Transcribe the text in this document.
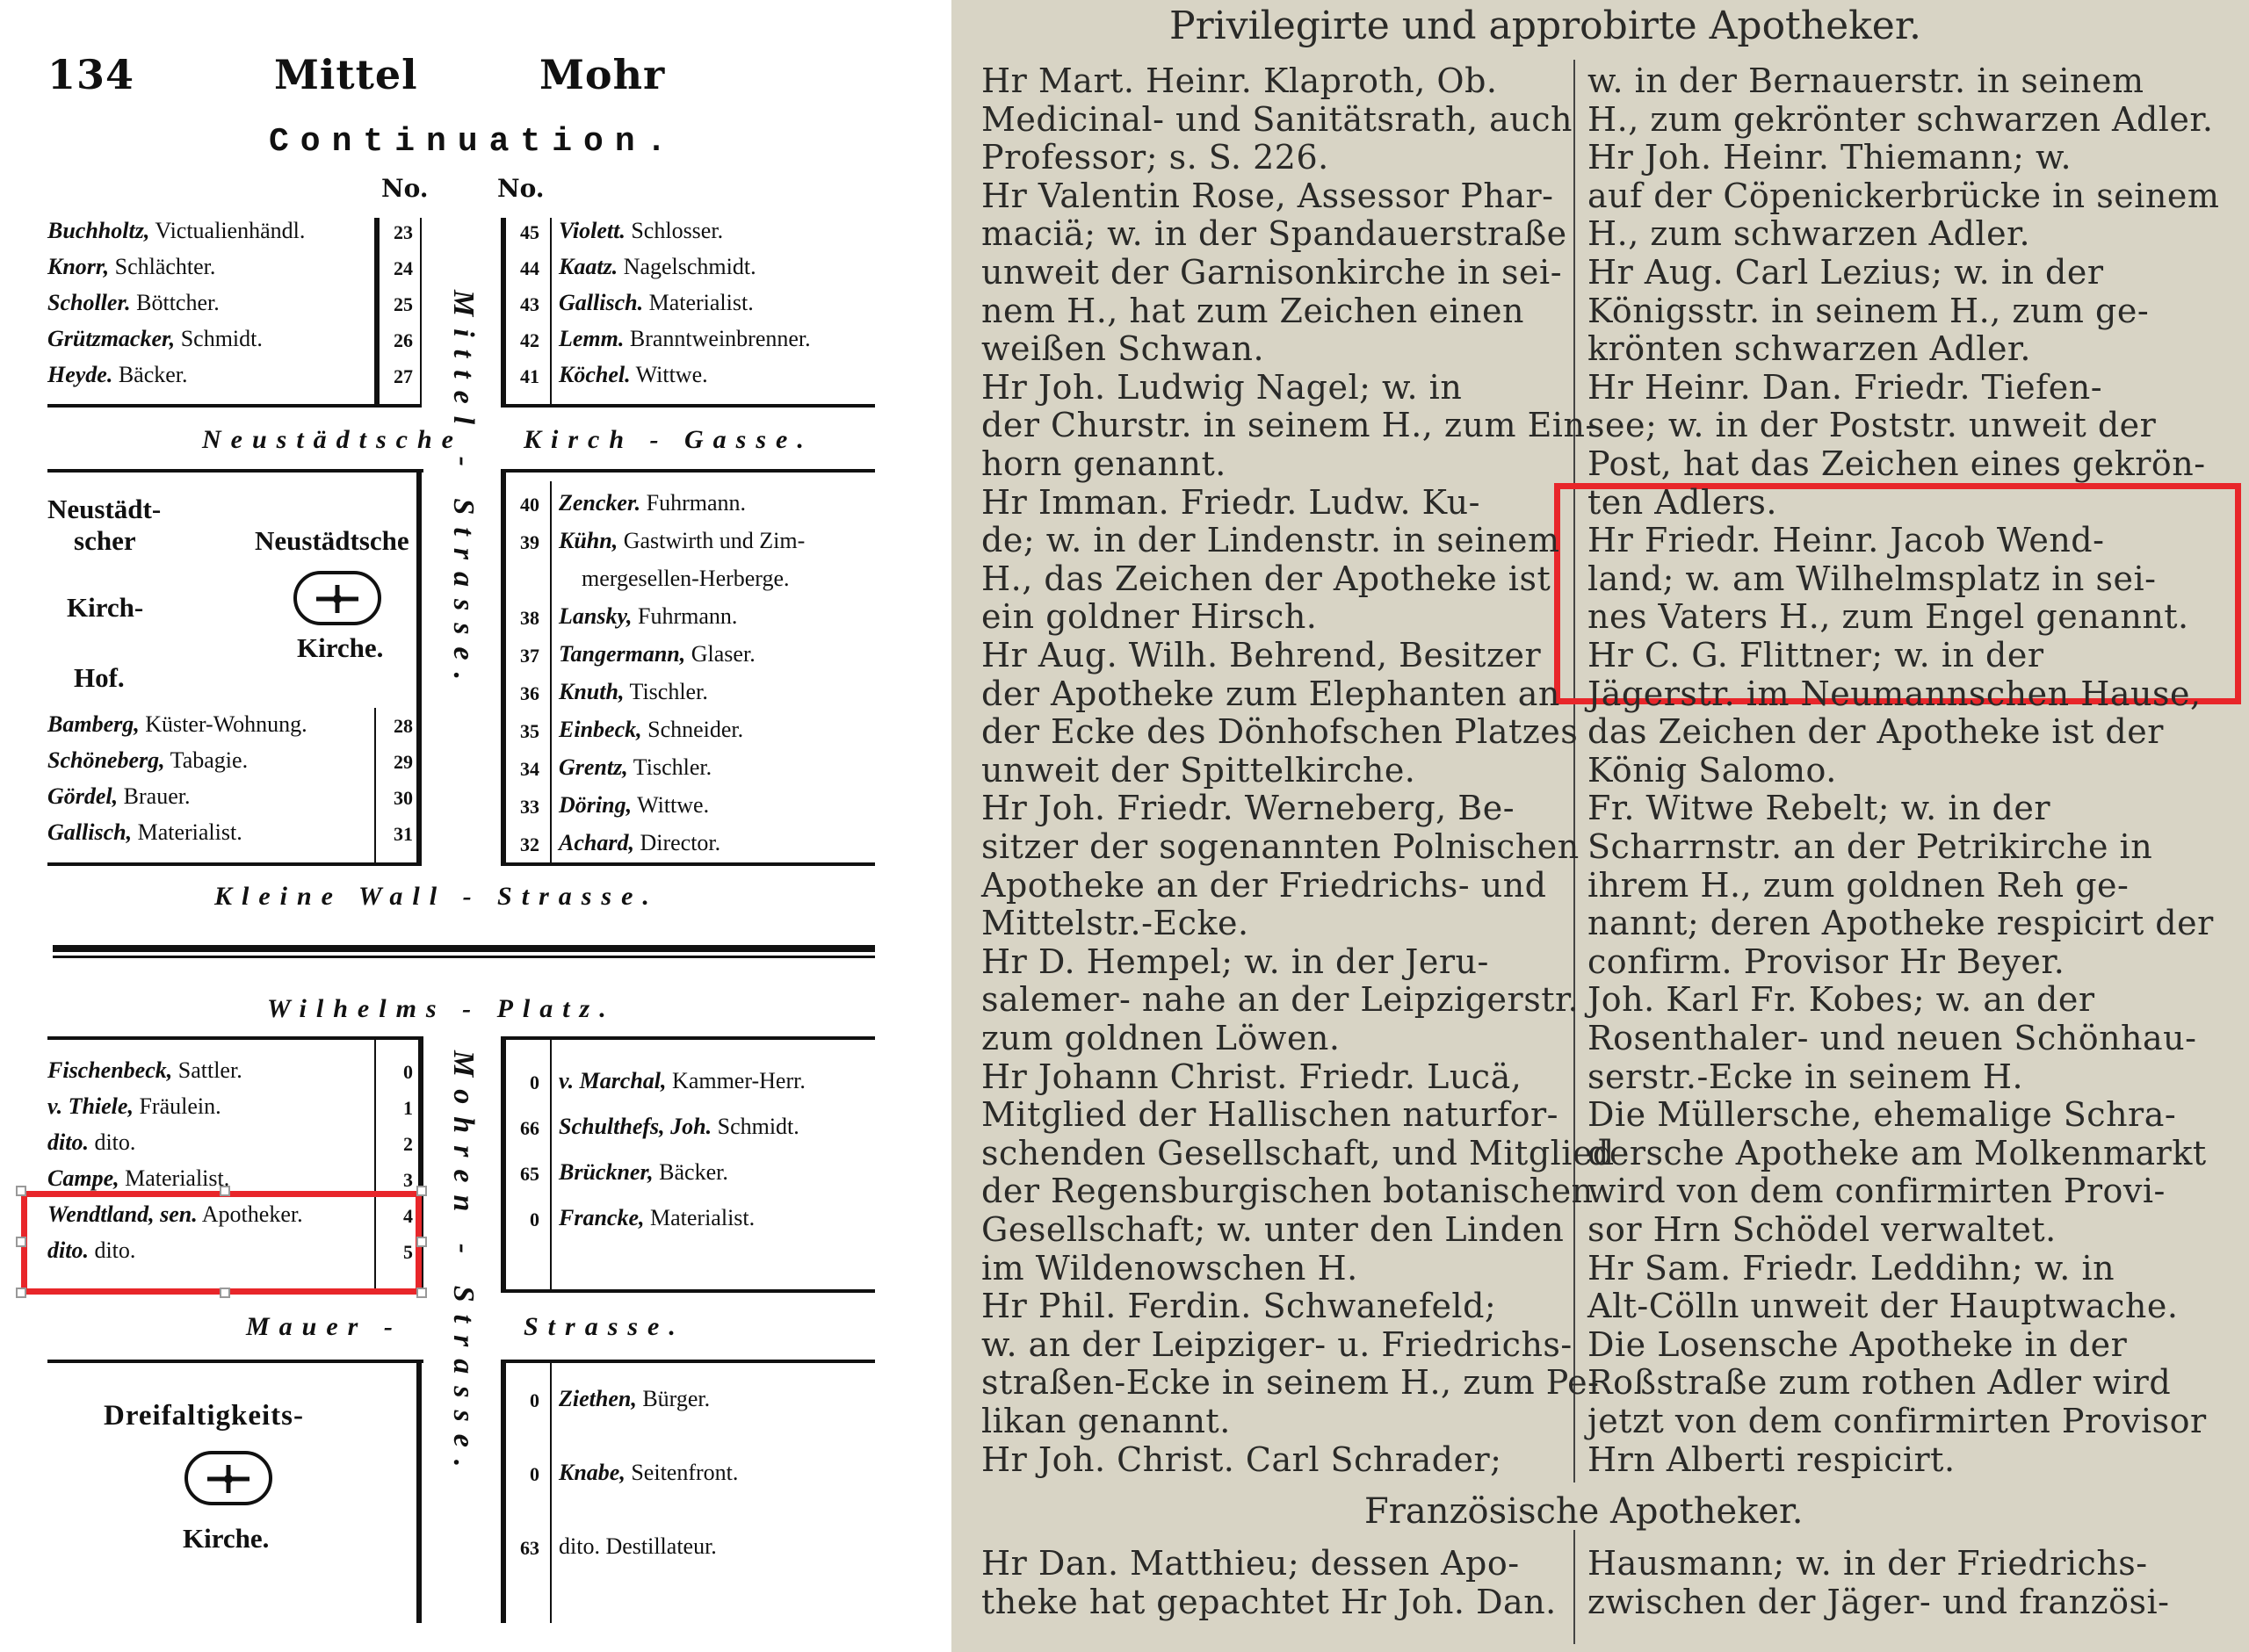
134	Mittel	Mohr
Continuation.
No.	No.
Mittel - Strasse.
Mohren - Strasse.
Neustädtsche Kirch - Gasse.
Neustädt-
scher
Kirch-
Hof.
Neustädtsche
Kirche.
Kleine Wall - Strasse.
Wilhelms - Platz.
Mauer -	Strasse.
Dreifaltigkeits-
Kirche.
Buchholtz, Victualienhändl.	23
Knorr, Schlächter.	24
Scholler. Böttcher.	25
Grützmacker, Schmidt.	26
Heyde. Bäcker.	27
45 Violett. Schlosser.
44 Kaatz. Nagelschmidt.
43 Gallisch. Materialist.
42 Lemm. Branntweinbrenner.
41 Köchel. Wittwe.
Bamberg, Küster-Wohnung.	28
Schöneberg, Tabagie.	29
Gördel, Brauer.	30
Gallisch, Materialist.	31
40 Zencker. Fuhrmann.
39 Kühn, Gastwirth und Zim-
mergesellen-Herberge.
38 Lansky, Fuhrmann.
37 Tangermann, Glaser.
36 Knuth, Tischler.
35 Einbeck, Schneider.
34 Grentz, Tischler.
33 Döring, Wittwe.
32 Achard, Director.
Fischenbeck, Sattler.	0
v. Thiele, Fräulein.	1
dito. dito.	2
Campe, Materialist.	3
Wendtland, sen. Apotheker.	4
dito. dito.	5
0 v. Marchal, Kammer-Herr.
66 Schulthefs, Joh. Schmidt.
65 Brückner, Bäcker.
0 Francke, Materialist.
0 Ziethen, Bürger.
0 Knabe, Seitenfront.
63 dito. Destillateur.
Privilegirte und approbirte Apotheker.
Französische Apotheker.
Hr Mart. Heinr. Klaproth, Ob.
Medicinal- und Sanitätsrath, auch
Professor; s. S. 226.
Hr Valentin Rose, Assessor Phar-
maciä; w. in der Spandauerstraße
unweit der Garnisonkirche in sei-
nem H., hat zum Zeichen einen
weißen Schwan.
Hr Joh. Ludwig Nagel; w. in
der Churstr. in seinem H., zum Ein-
horn genannt.
Hr Imman. Friedr. Ludw. Ku-
de; w. in der Lindenstr. in seinem
H., das Zeichen der Apotheke ist
ein goldner Hirsch.
Hr Aug. Wilh. Behrend, Besitzer
der Apotheke zum Elephanten an
der Ecke des Dönhofschen Platzes
unweit der Spittelkirche.
Hr Joh. Friedr. Werneberg, Be-
sitzer der sogenannten Polnischen
Apotheke an der Friedrichs- und
Mittelstr.-Ecke.
Hr D. Hempel; w. in der Jeru-
salemer- nahe an der Leipzigerstr.
zum goldnen Löwen.
Hr Johann Christ. Friedr. Lucä,
Mitglied der Hallischen naturfor-
schenden Gesellschaft, und Mitglied
der Regensburgischen botanischen
Gesellschaft; w. unter den Linden
im Wildenowschen H.
Hr Phil. Ferdin. Schwanefeld;
w. an der Leipziger- u. Friedrichs-
straßen-Ecke in seinem H., zum Pe-
likan genannt.
Hr Joh. Christ. Carl Schrader;
w. in der Bernauerstr. in seinem
H., zum gekrönter schwarzen Adler.
Hr Joh. Heinr. Thiemann; w.
auf der Cöpenickerbrücke in seinem
H., zum schwarzen Adler.
Hr Aug. Carl Lezius; w. in der
Königsstr. in seinem H., zum ge-
krönten schwarzen Adler.
Hr Heinr. Dan. Friedr. Tiefen-
see; w. in der Poststr. unweit der
Post, hat das Zeichen eines gekrön-
ten Adlers.
Hr Friedr. Heinr. Jacob Wend-
land; w. am Wilhelmsplatz in sei-
nes Vaters H., zum Engel genannt.
Hr C. G. Flittner; w. in der
Jägerstr. im Neumannschen Hause,
das Zeichen der Apotheke ist der
König Salomo.
Fr. Witwe Rebelt; w. in der
Scharrnstr. an der Petrikirche in
ihrem H., zum goldnen Reh ge-
nannt; deren Apotheke respicirt der
confirm. Provisor Hr Beyer.
Joh. Karl Fr. Kobes; w. an der
Rosenthaler- und neuen Schönhau-
serstr.-Ecke in seinem H.
Die Müllersche, ehemalige Schra-
dersche Apotheke am Molkenmarkt
wird von dem confirmirten Provi-
sor Hrn Schödel verwaltet.
Hr Sam. Friedr. Leddihn; w. in
Alt-Cölln unweit der Hauptwache.
Die Losensche Apotheke in der
Roßstraße zum rothen Adler wird
jetzt von dem confirmirten Provisor
Hrn Alberti respicirt.
Hr Dan. Matthieu; dessen Apo-
theke hat gepachtet Hr Joh. Dan.
Hausmann; w. in der Friedrichs-
zwischen der Jäger- und französi-
